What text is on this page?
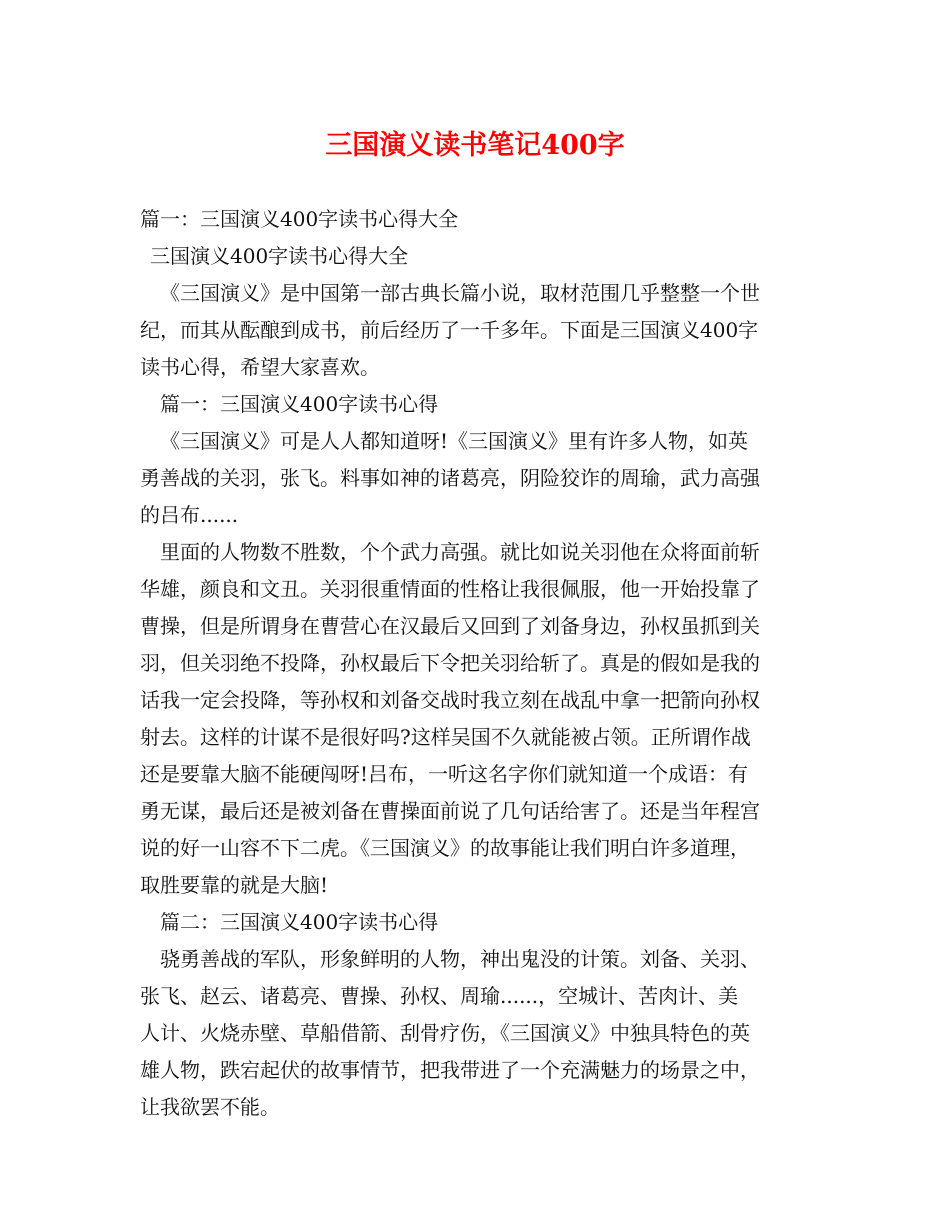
三国演义读书笔记400字
篇一：三国演义400字读书心得大全
三国演义400字读书心得大全
《三国演义》是中国第一部古典长篇小说，取材范围几乎整整一个世
纪，而其从酝酿到成书，前后经历了一千多年。下面是三国演义400字
读书心得，希望大家喜欢。
篇一：三国演义400字读书心得
《三国演义》可是人人都知道呀!《三国演义》里有许多人物，如英
勇善战的关羽，张飞。料事如神的诸葛亮，阴险狡诈的周瑜，武力高强
的吕布......
里面的人物数不胜数，个个武力高强。就比如说关羽他在众将面前斩
华雄，颜良和文丑。关羽很重情面的性格让我很佩服，他一开始投靠了
曹操，但是所谓身在曹营心在汉最后又回到了刘备身边，孙权虽抓到关
羽，但关羽绝不投降，孙权最后下令把关羽给斩了。真是的假如是我的
话我一定会投降，等孙权和刘备交战时我立刻在战乱中拿一把箭向孙权
射去。这样的计谋不是很好吗?这样吴国不久就能被占领。正所谓作战
还是要靠大脑不能硬闯呀!吕布，一听这名字你们就知道一个成语：有
勇无谋，最后还是被刘备在曹操面前说了几句话给害了。还是当年程宫
说的好一山容不下二虎。《三国演义》的故事能让我们明白许多道理，
取胜要靠的就是大脑!
篇二：三国演义400字读书心得
骁勇善战的军队，形象鲜明的人物，神出鬼没的计策。刘备、关羽、
张飞、赵云、诸葛亮、曹操、孙权、周瑜......，空城计、苦肉计、美
人计、火烧赤壁、草船借箭、刮骨疗伤，《三国演义》中独具特色的英
雄人物，跌宕起伏的故事情节，把我带进了一个充满魅力的场景之中，
让我欲罢不能。
